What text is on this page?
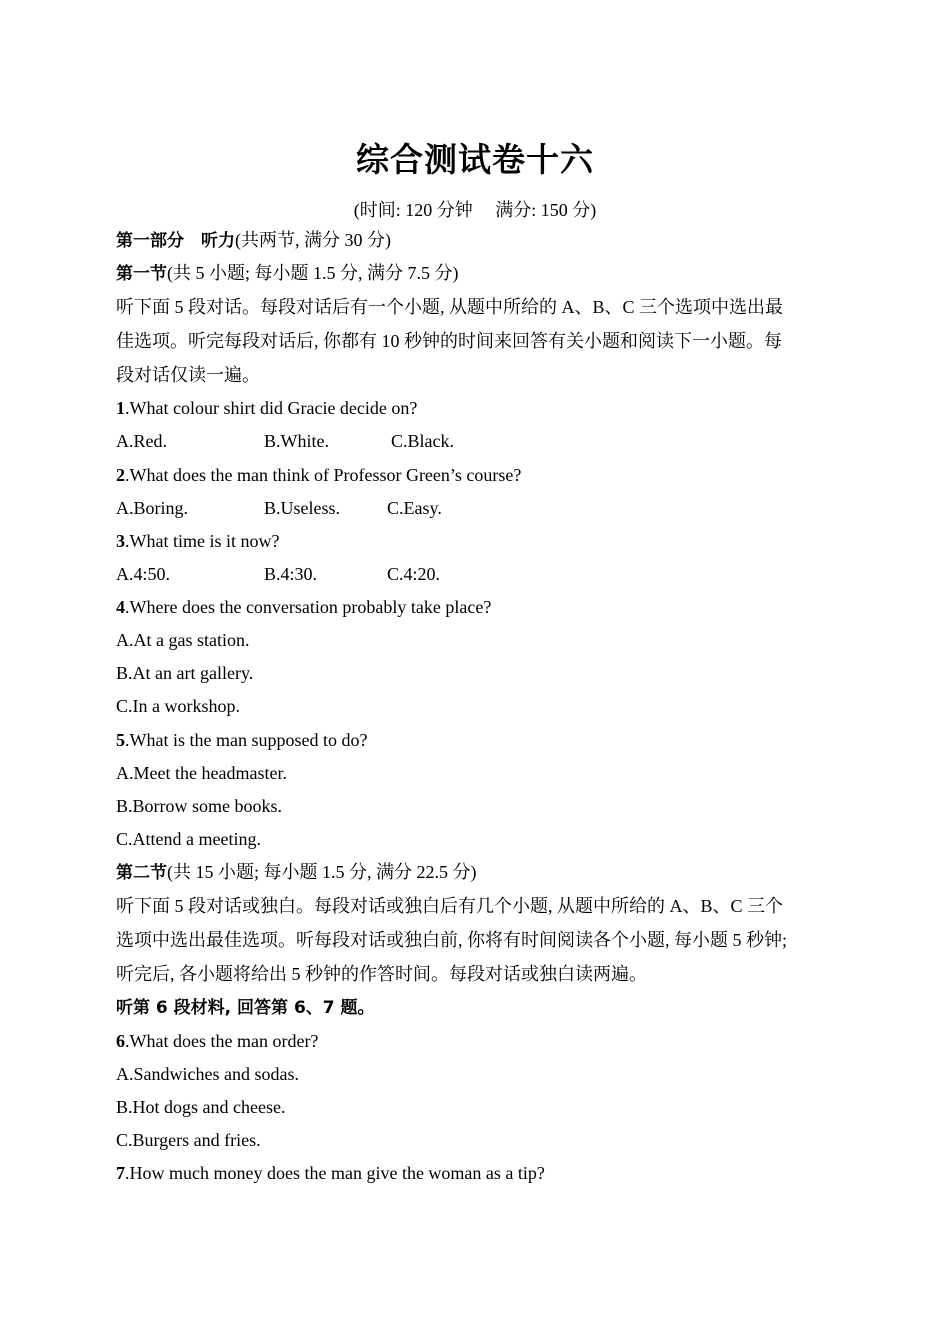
综合测试卷十六
(时间: 120 分钟　 满分: 150 分)
第一部分　听力(共两节, 满分 30 分)
第一节(共 5 小题; 每小题 1.5 分, 满分 7.5 分)
听下面 5 段对话。每段对话后有一个小题, 从题中所给的 A、B、C 三个选项中选出最
佳选项。听完每段对话后, 你都有 10 秒钟的时间来回答有关小题和阅读下一小题。每
段对话仅读一遍。
1.What colour shirt did Gracie decide on?
A.Red.	B.White.	C.Black.
2.What does the man think of Professor Green’s course?
A.Boring.	B.Useless.	C.Easy.
3.What time is it now?
A.4:50.	B.4:30.	C.4:20.
4.Where does the conversation probably take place?
A.At a gas station.
B.At an art gallery.
C.In a workshop.
5.What is the man supposed to do?
A.Meet the headmaster.
B.Borrow some books.
C.Attend a meeting.
第二节(共 15 小题; 每小题 1.5 分, 满分 22.5 分)
听下面 5 段对话或独白。每段对话或独白后有几个小题, 从题中所给的 A、B、C 三个
选项中选出最佳选项。听每段对话或独白前, 你将有时间阅读各个小题, 每小题 5 秒钟;
听完后, 各小题将给出 5 秒钟的作答时间。每段对话或独白读两遍。
听第 6 段材料, 回答第 6、7 题。
6.What does the man order?
A.Sandwiches and sodas.
B.Hot dogs and cheese.
C.Burgers and fries.
7.How much money does the man give the woman as a tip?
